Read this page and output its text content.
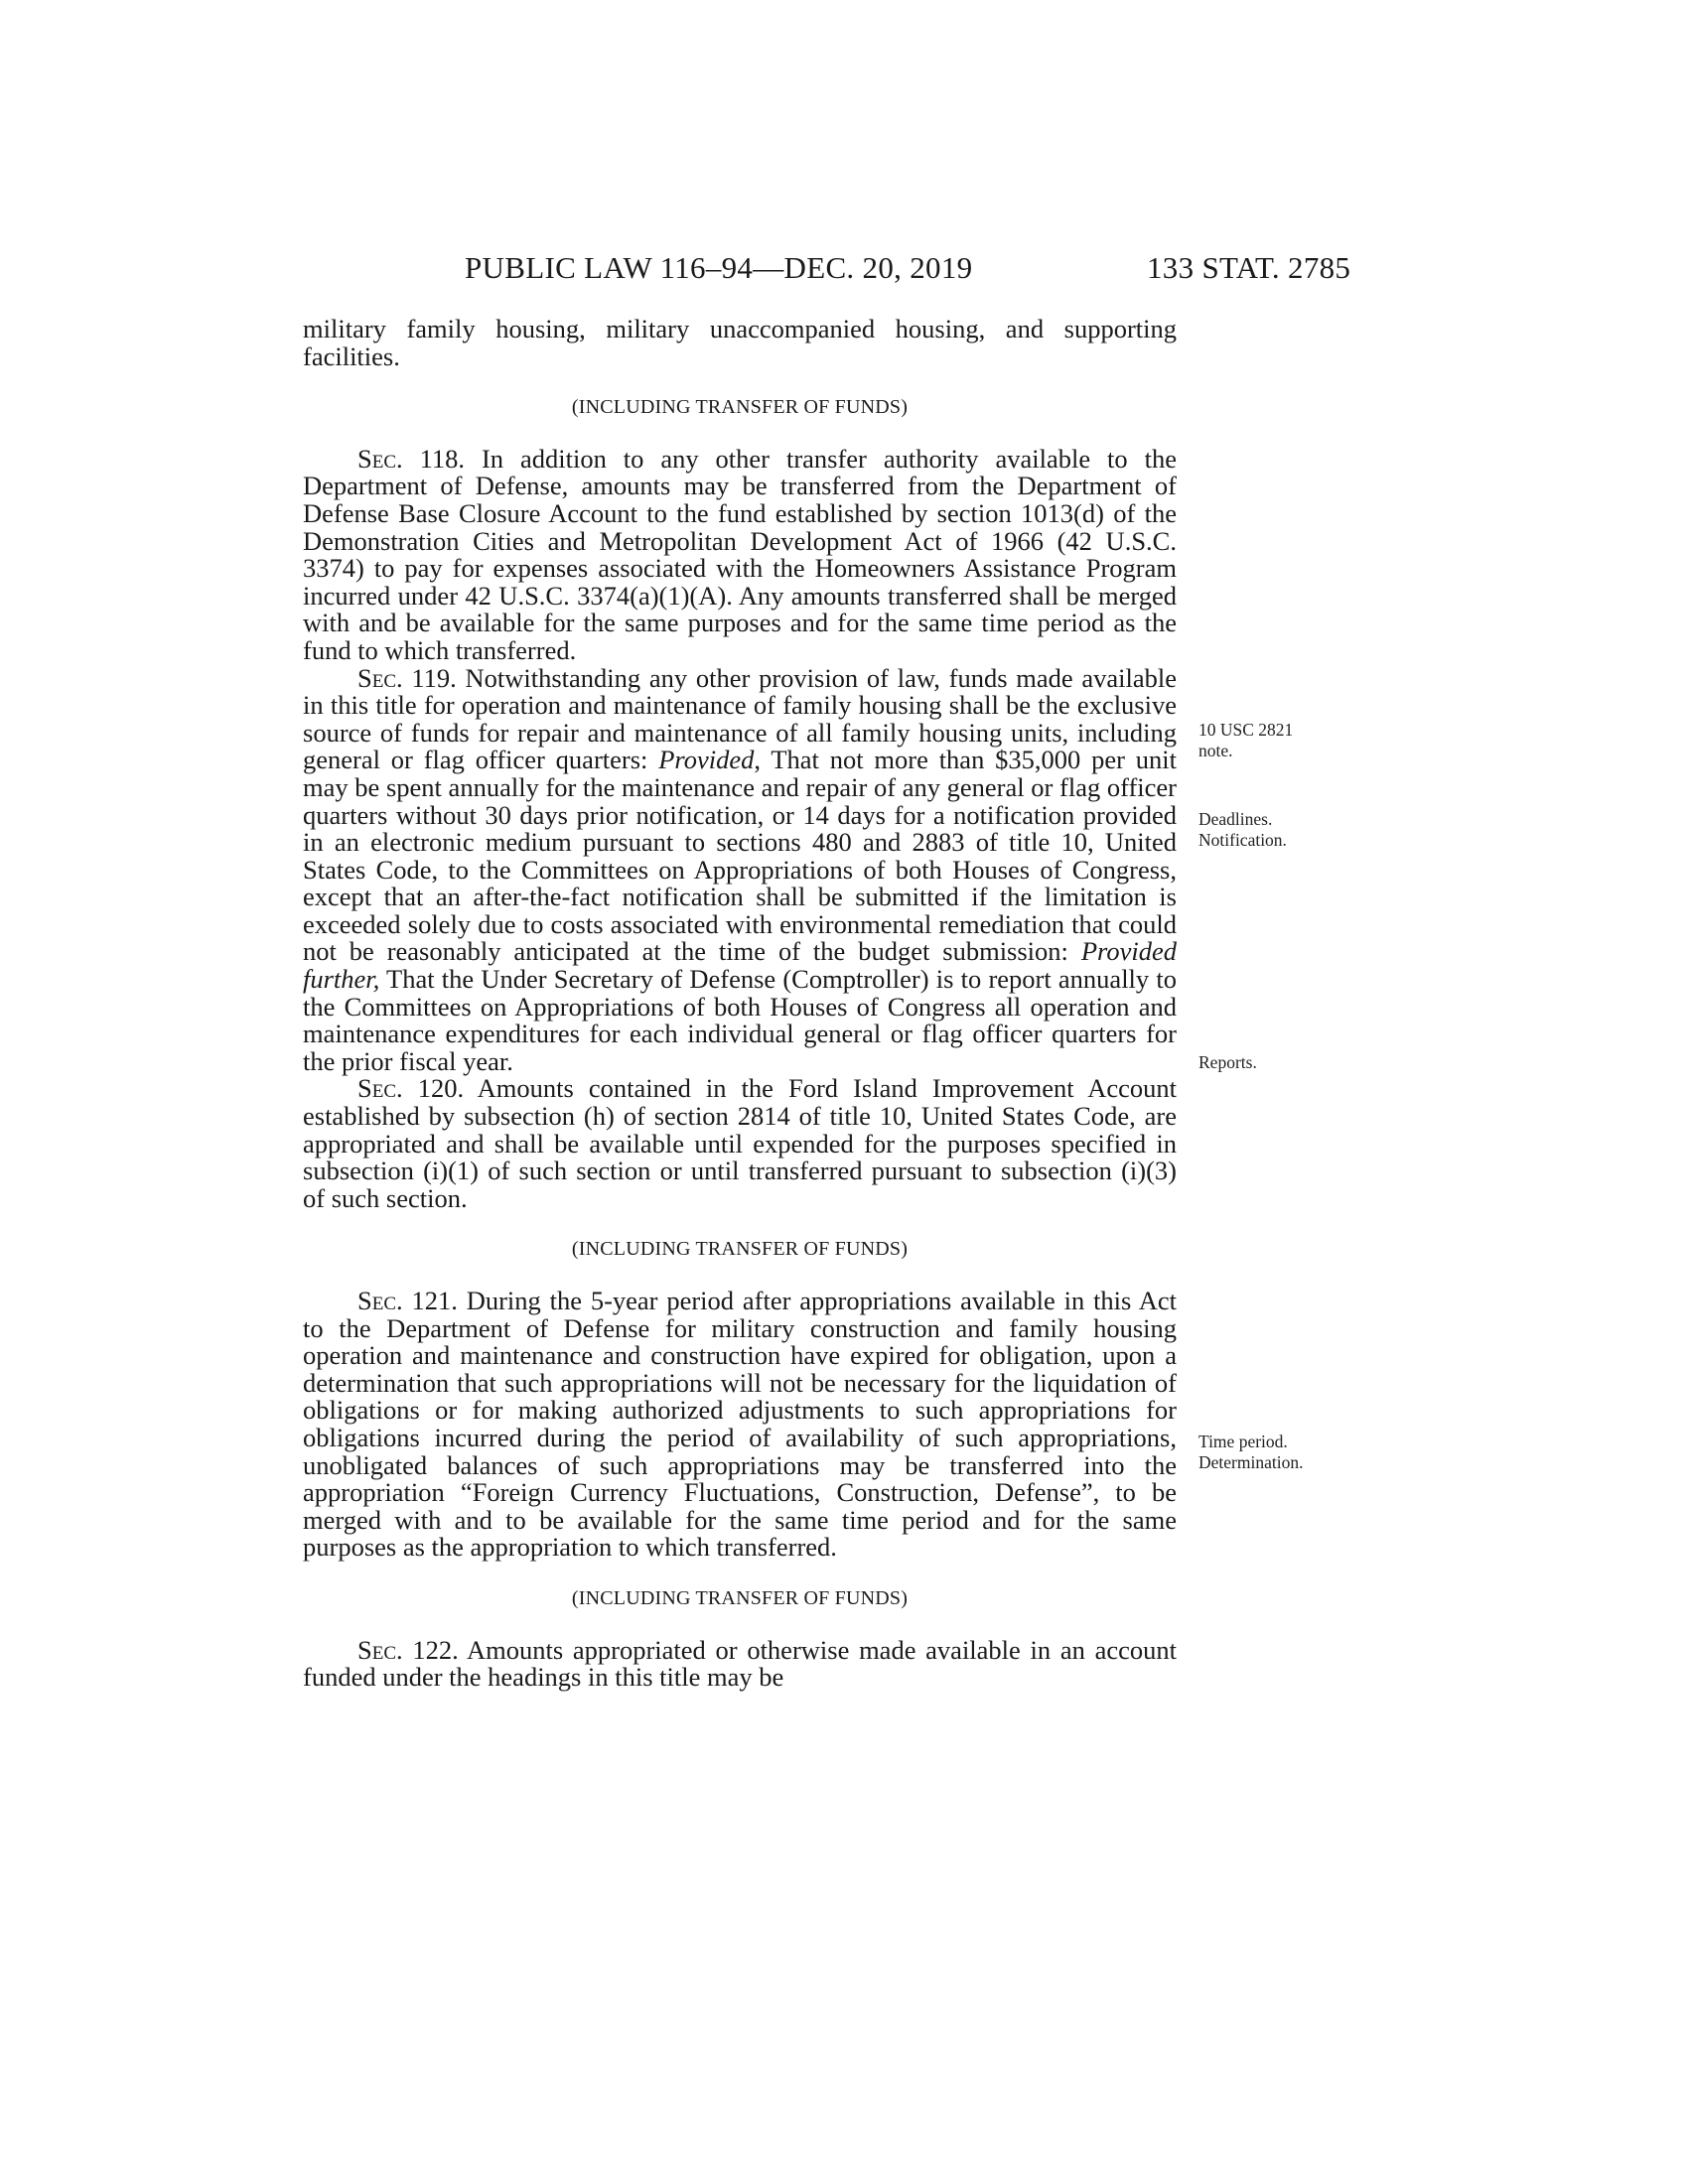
PUBLIC LAW 116–94—DEC. 20, 2019	133 STAT. 2785

military family housing, military unaccompanied housing, and supporting facilities.

(INCLUDING TRANSFER OF FUNDS)

Sec. 118. In addition to any other transfer authority available to the Department of Defense, amounts may be transferred from the Department of Defense Base Closure Account to the fund established by section 1013(d) of the Demonstration Cities and Metropolitan Development Act of 1966 (42 U.S.C. 3374) to pay for expenses associated with the Homeowners Assistance Program incurred under 42 U.S.C. 3374(a)(1)(A). Any amounts transferred shall be merged with and be available for the same purposes and for the same time period as the fund to which transferred.

Sec. 119. Notwithstanding any other provision of law, funds made available in this title for operation and maintenance of family housing shall be the exclusive source of funds for repair and maintenance of all family housing units, including general or flag officer quarters: Provided, That not more than $35,000 per unit may be spent annually for the maintenance and repair of any general or flag officer quarters without 30 days prior notification, or 14 days for a notification provided in an electronic medium pursuant to sections 480 and 2883 of title 10, United States Code, to the Committees on Appropriations of both Houses of Congress, except that an after-the-fact notification shall be submitted if the limitation is exceeded solely due to costs associated with environmental remediation that could not be reasonably anticipated at the time of the budget submission: Provided further, That the Under Secretary of Defense (Comptroller) is to report annually to the Committees on Appropriations of both Houses of Congress all operation and maintenance expenditures for each individual general or flag officer quarters for the prior fiscal year.

Sec. 120. Amounts contained in the Ford Island Improvement Account established by subsection (h) of section 2814 of title 10, United States Code, are appropriated and shall be available until expended for the purposes specified in subsection (i)(1) of such section or until transferred pursuant to subsection (i)(3) of such section.

(INCLUDING TRANSFER OF FUNDS)

Sec. 121. During the 5-year period after appropriations available in this Act to the Department of Defense for military construction and family housing operation and maintenance and construction have expired for obligation, upon a determination that such appropriations will not be necessary for the liquidation of obligations or for making authorized adjustments to such appropriations for obligations incurred during the period of availability of such appropriations, unobligated balances of such appropriations may be transferred into the appropriation “Foreign Currency Fluctuations, Construction, Defense”, to be merged with and to be available for the same time period and for the same purposes as the appropriation to which transferred.

(INCLUDING TRANSFER OF FUNDS)

Sec. 122. Amounts appropriated or otherwise made available in an account funded under the headings in this title may be

10 USC 2821
note.
Deadlines.
Notification.
Reports.
Time period.
Determination.
